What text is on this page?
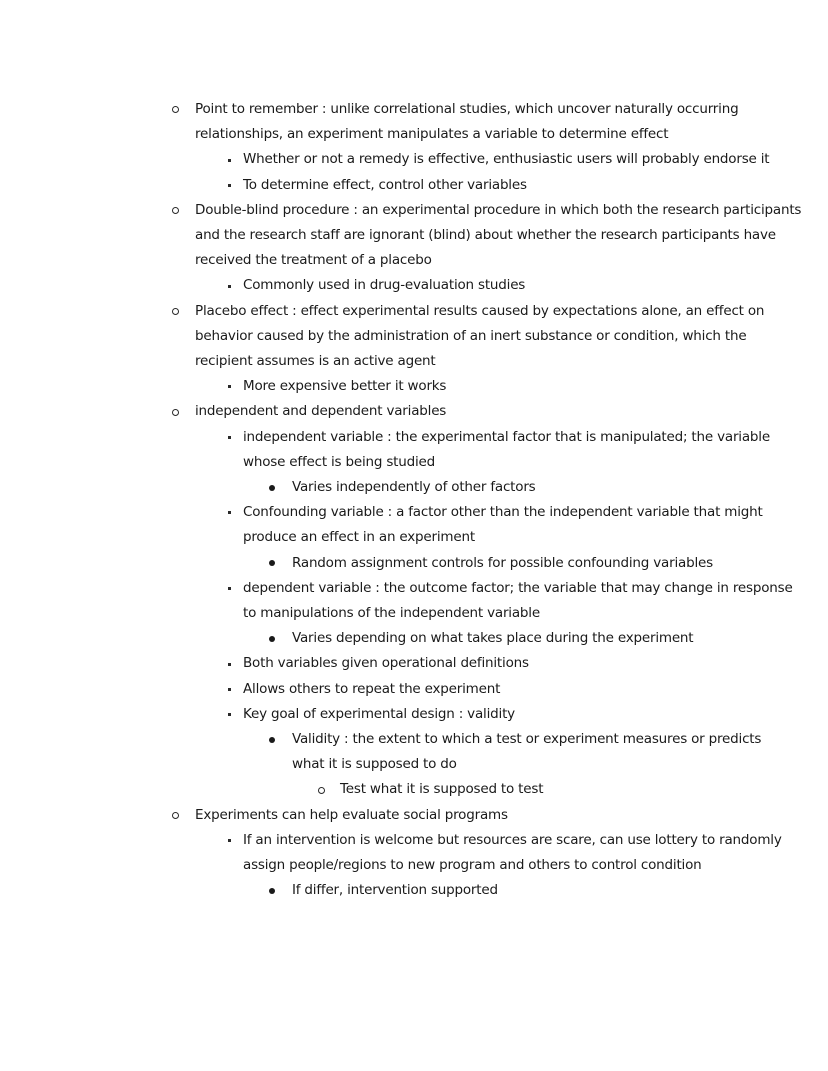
Point to remember : unlike correlational studies, which uncover naturally occurring
relationships, an experiment manipulates a variable to determine effect
Whether or not a remedy is effective, enthusiastic users will probably endorse it
To determine effect, control other variables
Double-blind procedure : an experimental procedure in which both the research participants
and the research staff are ignorant (blind) about whether the research participants have
received the treatment of a placebo
Commonly used in drug-evaluation studies
Placebo effect : effect experimental results caused by expectations alone, an effect on
behavior caused by the administration of an inert substance or condition, which the
recipient assumes is an active agent
More expensive better it works
independent and dependent variables
independent variable : the experimental factor that is manipulated; the variable
whose effect is being studied
Varies independently of other factors
Confounding variable : a factor other than the independent variable that might
produce an effect in an experiment
Random assignment controls for possible confounding variables
dependent variable : the outcome factor; the variable that may change in response
to manipulations of the independent variable
Varies depending on what takes place during the experiment
Both variables given operational definitions
Allows others to repeat the experiment
Key goal of experimental design : validity
Validity : the extent to which a test or experiment measures or predicts
what it is supposed to do
Test what it is supposed to test
Experiments can help evaluate social programs
If an intervention is welcome but resources are scare, can use lottery to randomly
assign people/regions to new program and others to control condition
If differ, intervention supported
